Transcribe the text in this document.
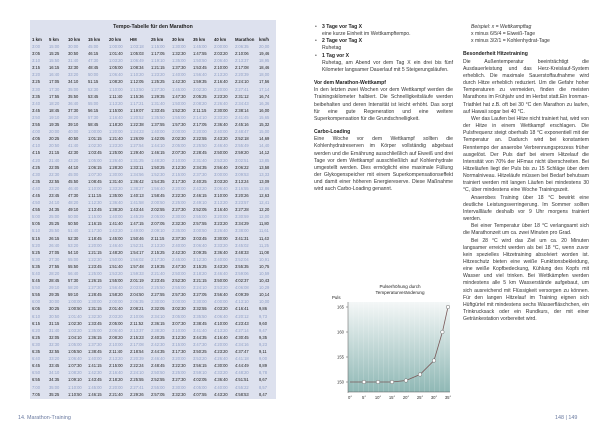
Tempo-Tabelle für den Marathon
1 km	5 km	10 km	15 km	20 km	HM	25 km	30 km	35 km	40 km	Marathon	km/h
3:00	15:00	30:00	45:00	1:00:00	1:03:18	1:15:00	1:30:00	1:45:00	2:00:00	2:06:35	20,00
3:05	15:25	30:50	46:15	1:01:40	1:05:03	1:17:05	1:32:30	1:47:55	2:03:20	2:10:06	19,46
3:10	15:50	31:40	47:30	1:03:20	1:06:49	1:19:10	1:35:00	1:50:50	2:06:40	2:13:37	18,95
3:15	16:15	32:30	48:45	1:05:00	1:08:34	1:21:15	1:37:30	1:53:45	2:10:00	2:17:08	18,46
3:20	16:40	33:20	50:00	1:06:40	1:10:20	1:23:20	1:40:00	1:56:40	2:13:20	2:20:39	18,00
3:25	17:05	34:10	51:15	1:08:20	1:12:05	1:25:25	1:42:30	1:59:35	2:16:40	2:24:10	17,56
3:30	17:30	35:00	52:30	1:10:00	1:13:50	1:27:30	1:45:00	2:02:30	2:20:00	2:27:41	17,14
3:35	17:55	35:50	53:45	1:11:40	1:15:36	1:29:35	1:47:30	2:05:25	2:23:20	2:31:12	16,74
3:40	18:20	36:40	55:00	1:13:20	1:17:21	1:31:40	1:50:00	2:08:20	2:26:40	2:34:43	16,36
3:45	18:45	37:30	56:15	1:15:00	1:19:07	1:33:45	1:52:30	2:11:15	2:30:00	2:38:14	16,00
3:50	19:10	38:20	57:30	1:16:40	1:20:52	1:35:50	1:55:00	2:14:10	2:33:20	2:41:45	15,65
3:55	19:35	39:10	58:45	1:18:20	1:22:38	1:37:55	1:57:30	2:17:05	2:36:40	2:45:16	15,32
4:00	20:00	40:00	1:00:00	1:20:00	1:24:23	1:40:00	2:00:00	2:20:00	2:40:00	2:48:47	15,00
4:05	20:25	40:50	1:01:15	1:21:40	1:26:09	1:42:05	2:02:30	2:22:55	2:43:20	2:52:18	14,69
4:10	20:50	41:40	1:02:30	1:23:20	1:27:54	1:44:10	2:05:00	2:25:50	2:46:40	2:55:49	14,40
4:15	21:15	42:30	1:03:45	1:25:00	1:29:40	1:46:15	2:07:30	2:28:45	2:50:00	2:59:20	14,12
4:20	21:40	43:20	1:05:00	1:26:40	1:31:25	1:48:20	2:10:00	2:31:40	2:53:20	3:02:51	13,85
4:25	22:05	44:10	1:06:15	1:28:20	1:33:11	1:50:25	2:12:30	2:34:35	2:56:40	3:06:22	13,58
4:30	22:30	45:00	1:07:30	1:30:00	1:34:56	1:52:30	2:15:00	2:37:30	3:00:00	3:09:53	13,33
4:35	22:55	45:50	1:08:45	1:31:40	1:36:42	1:54:35	2:17:30	2:40:25	3:03:20	3:13:24	13,09
4:40	23:20	46:40	1:10:00	1:33:20	1:38:27	1:56:40	2:20:00	2:43:20	3:06:40	3:16:55	12,86
4:45	23:45	47:30	1:11:15	1:35:00	1:40:13	1:58:45	2:22:30	2:46:15	3:10:00	3:20:26	12,63
4:50	24:10	48:20	1:12:30	1:36:40	1:41:58	2:00:50	2:25:00	2:49:10	3:13:20	3:23:57	12,41
4:55	24:35	49:10	1:13:45	1:38:20	1:43:44	2:02:55	2:27:30	2:52:05	3:16:40	3:27:28	12,20
5:00	25:00	50:00	1:15:00	1:40:00	1:45:29	2:05:00	2:30:00	2:55:00	3:20:00	3:30:59	12,00
5:05	25:25	50:50	1:16:15	1:41:40	1:47:15	2:07:05	2:32:30	2:57:55	3:23:20	3:34:29	11,80
5:10	25:50	51:40	1:17:30	1:43:20	1:49:00	2:09:10	2:35:00	3:00:50	3:26:40	3:38:00	11,61
5:15	26:15	52:30	1:18:45	1:45:00	1:50:46	2:11:15	2:37:30	3:03:45	3:30:00	3:41:31	11,43
5:20	26:40	53:20	1:20:00	1:46:40	1:52:31	2:13:20	2:40:00	3:06:40	3:33:20	3:45:02	11,25
5:25	27:05	54:10	1:21:15	1:48:20	1:54:17	2:15:25	2:42:30	3:09:35	3:36:40	3:48:33	11,08
5:30	27:30	55:00	1:22:30	1:50:00	1:56:02	2:17:30	2:45:00	3:12:30	3:40:00	3:52:04	10,91
5:35	27:55	55:50	1:23:45	1:51:40	1:57:48	2:19:35	2:47:30	3:15:25	3:43:20	3:55:35	10,75
5:40	28:20	56:40	1:25:00	1:53:20	1:59:33	2:21:40	2:50:00	3:18:20	3:46:40	3:59:06	10,59
5:45	28:45	57:30	1:26:15	1:55:00	2:01:19	2:23:45	2:52:30	3:21:15	3:50:00	4:02:37	10,43
5:50	29:10	58:20	1:27:30	1:56:40	2:03:04	2:25:50	2:55:00	3:24:10	3:53:20	4:06:08	10,29
5:55	29:35	59:10	1:28:45	1:58:20	2:04:50	2:27:55	2:57:30	3:27:05	3:56:40	4:09:39	10,14
6:00	30:00	1:00:00	1:30:00	2:00:00	2:06:35	2:30:00	3:00:00	3:30:00	4:00:00	4:13:10	10,00
6:05	30:25	1:00:50	1:31:15	2:01:40	2:08:21	2:32:05	3:02:30	3:32:55	4:03:20	4:16:41	9,86
6:10	30:50	1:01:40	1:32:30	2:03:20	2:10:06	2:34:10	3:05:00	3:35:50	4:06:40	4:20:12	9,73
6:15	31:15	1:02:30	1:33:45	2:05:00	2:11:52	2:36:15	3:07:30	3:38:45	4:10:00	4:23:43	9,60
6:20	31:40	1:03:20	1:35:00	2:06:40	2:13:37	2:38:20	3:10:00	3:41:40	4:13:20	4:27:14	9,47
6:25	32:05	1:04:10	1:36:15	2:08:20	2:15:23	2:40:25	3:12:30	3:44:35	4:16:40	4:30:45	9,35
6:30	32:30	1:05:00	1:37:30	2:10:00	2:17:08	2:42:30	3:15:00	3:47:30	4:20:00	4:34:16	9,23
6:35	32:55	1:05:50	1:38:45	2:11:40	2:18:54	2:44:35	3:17:30	3:50:25	4:23:20	4:37:47	9,11
6:40	33:20	1:06:40	1:40:00	2:13:20	2:20:39	2:46:40	3:20:00	3:53:20	4:26:40	4:41:18	9,00
6:45	33:45	1:07:30	1:41:15	2:15:00	2:22:24	2:48:45	3:22:30	3:56:15	4:30:00	4:44:49	8,89
6:50	34:10	1:08:20	1:42:30	2:16:40	2:24:10	2:50:50	3:25:00	3:59:10	4:33:20	4:48:20	8,78
6:55	34:35	1:09:10	1:43:45	2:18:20	2:25:55	2:52:55	3:27:30	4:02:05	4:36:40	4:51:51	8,67
7:00	35:00	1:10:00	1:45:00	2:20:00	2:27:41	2:55:00	3:30:00	4:05:00	4:40:00	4:55:22	8,57
7:05	35:25	1:10:50	1:46:15	2:21:40	2:29:26	2:57:05	3:32:30	4:07:55	4:43:20	4:58:53	8,47
• 3 Tage vor Tag X
eine kurze Einheit im Wettkampftempo.
• 2 Tage vor Tag X
Ruhetag
• 1 Tag vor X
Ruhetag, am Abend vor dem Tag X ein drei bis fünf Kilometer langsamer Dauerlauf mit 5 Steigerungsläufen.
Vor dem Marathon-Wettkampf

In den letzten zwei Wochen vor dem Wettkampf werden die Trainingskilometer halbiert. Die Schnelligkeitsläufe werden beibehalten und deren Intensität ist leicht erhöht. Das sorgt für eine gute Regeneration und eine weitere Superkompensation für die Grundschnelligkeit.

Carbo-Loading

Eine Woche vor dem Wettkampf sollten die Kohlenhydratreserven im Körper vollständig abgebaut werden und die Ernährung ausschließlich auf Eiweiß und drei Tage vor dem Wettkampf ausschließlich auf Kohlenhydrate umgestellt werden. Dies ermöglicht eine maximale Füllung der Glykogenspeicher mit einem Superkompensationseffekt und damit einer höheren Energiereserve. Diese Maßnahme wird auch Carbo-Loading genannt.

Pulserhöhung durch
Temperaturveränderung
Puls
150
155
160
165
0° 5° 10° 15° 20° 25° 30° 35°

Beispiel: x = Wettkampftag

x minus 6/5/4 = Eiweiß-Tage

x minus 3/2/1 = Kohlenhydrat-Tage

Besonderheit Hitzetraining

Die Außentemperatur beeinträchtigt die Ausdauerleistung und das Herz-Kreislauf-System erheblich. Die maximale Sauerstoffaufnahme wird durch Hitze erheblich reduziert. Um die Gefahr hoher Temperaturen zu vermeiden, finden die meisten Marathons im Frühjahr und im Herbst statt.Ein Ironman-Triathlet hat z.B. oft bei 30 °C den Marathon zu laufen, auf Hawaii sogar bei 40 °C.

Wer das Laufen bei Hitze nicht trainiert hat, wird von der Hitze in einem Wettkampf erschlagen. Die Pulsfrequenz steigt oberhalb 18 °C exponentiell mit der Temperatur an. Dadurch wird bei konstantem Renntempo der anaerobe Verbrennungsprozess früher ausgelöst. Der Puls darf bei einem Hitzelauf die Intensität von 70% der HFmax nicht überschreiten. Bei Hitzeläufen liegt der Puls bis zu 15 Schläge über dem Normalniveau. Hitzeläufe müssen bei Bedarf behutsam trainiert werden mit langen Läufen bei mindestens 30 °C, über mindestens eine Woche Trainingszeit.

Anaerobes Training über 18 °C bewirkt eine deutliche Leistungsverringerung. Im Sommer sollten Intervallläufe deshalb vor 9 Uhr morgens trainiert werden.

Bei einer Temperatur über 18 °C verlangsamt sich die Marathonzeit um ca. zwei Minuten pro Grad.

Bei 28 °C wird das Ziel um ca. 20 Minuten langsamer erreicht werden als bei 18 °C, wenn zuvor kein spezielles Hitzetraining absolviert worden ist. Hitzeschutz bieten eine weiße Funktionsbekleidung, eine weiße Kopfbedeckung, Kühlung des Kopfs mit Wasser und viel trinken. Bei Wettkämpfen werden mindestens alle 5 km Wasserstände aufgebaut, um sich ausreichend mit Flüssigkeit versorgen zu können. Für den langen Hitzelauf im Training eignen sich Hüftgürtel mit mindestens sechs Wasserfläschchen, ein Trinkrucksack oder ein Rundkurs, der mit einer Getränkestation vorbereitet wird.

14. Marathon-Training	148 | 149
